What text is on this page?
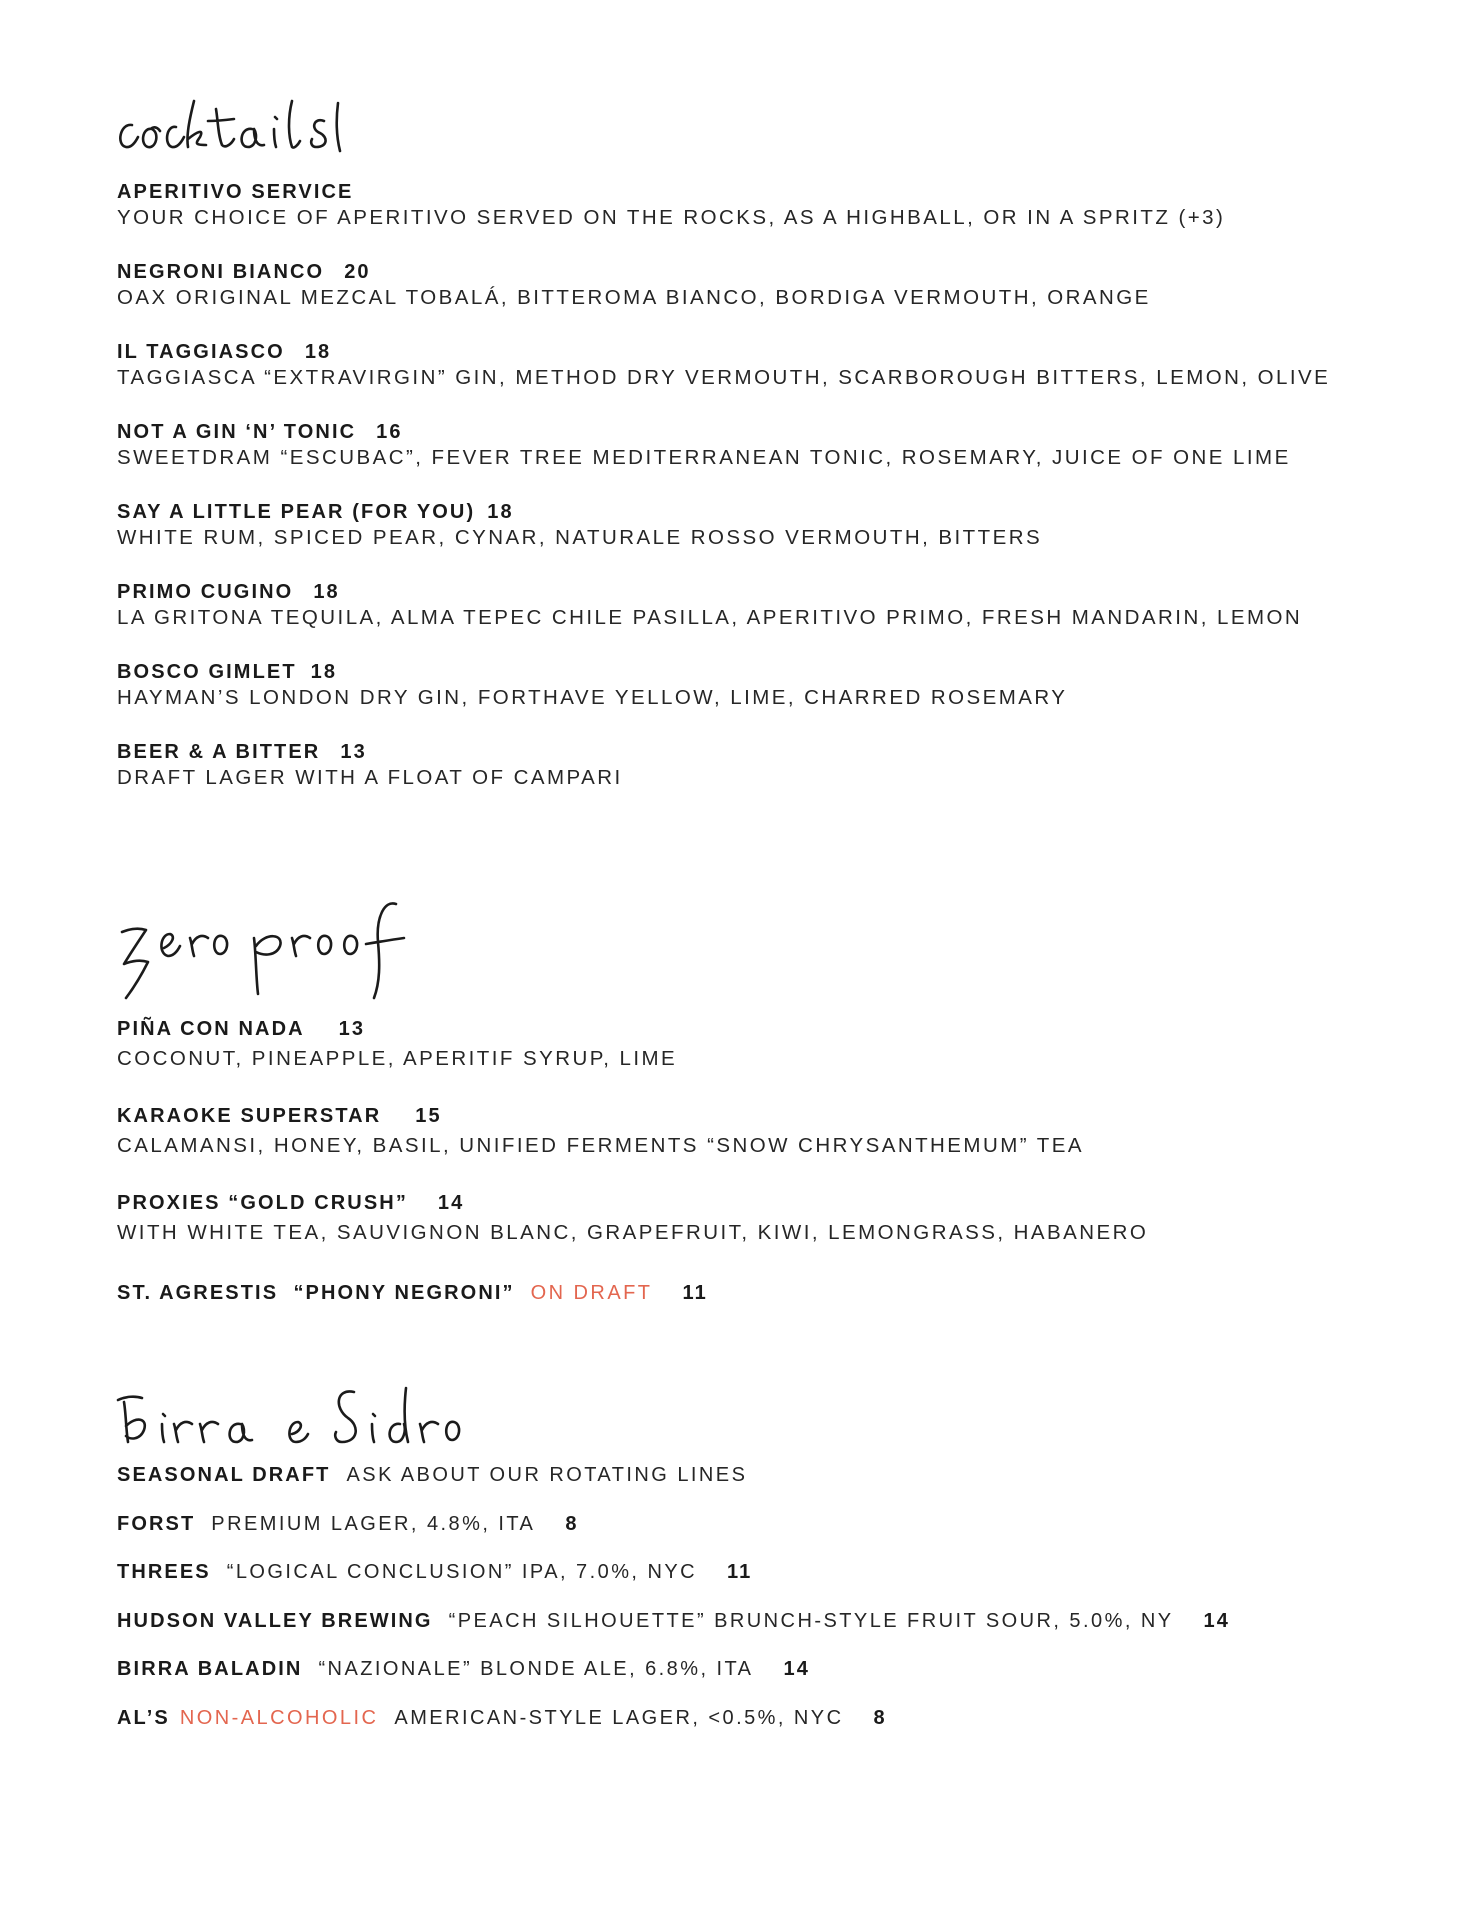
APERITIVO SERVICE
YOUR CHOICE OF APERITIVO SERVED ON THE ROCKS, AS A HIGHBALL, OR IN A SPRITZ (+3)
NEGRONI BIANCO 20
OAX ORIGINAL MEZCAL TOBALÁ, BITTEROMA BIANCO, BORDIGA VERMOUTH, ORANGE
IL TAGGIASCO 18
TAGGIASCA “EXTRAVIRGIN” GIN, METHOD DRY VERMOUTH, SCARBOROUGH BITTERS, LEMON, OLIVE
NOT A GIN ‘N’ TONIC 16
SWEETDRAM “ESCUBAC”, FEVER TREE MEDITERRANEAN TONIC, ROSEMARY, JUICE OF ONE LIME
SAY A LITTLE PEAR (FOR YOU) 18
WHITE RUM, SPICED PEAR, CYNAR, NATURALE ROSSO VERMOUTH, BITTERS
PRIMO CUGINO 18
LA GRITONA TEQUILA, ALMA TEPEC CHILE PASILLA, APERITIVO PRIMO, FRESH MANDARIN, LEMON
BOSCO GIMLET 18
HAYMAN’S LONDON DRY GIN, FORTHAVE YELLOW, LIME, CHARRED ROSEMARY
BEER & A BITTER 13
DRAFT LAGER WITH A FLOAT OF CAMPARI
PIÑA CON NADA 13
COCONUT, PINEAPPLE, APERITIF SYRUP, LIME
KARAOKE SUPERSTAR 15
CALAMANSI, HONEY, BASIL, UNIFIED FERMENTS “SNOW CHRYSANTHEMUM” TEA
PROXIES “GOLD CRUSH” 14
WITH WHITE TEA, SAUVIGNON BLANC, GRAPEFRUIT, KIWI, LEMONGRASS, HABANERO
ST. AGRESTIS  “PHONY NEGRONI” ON DRAFT 11
SEASONAL DRAFT ASK ABOUT OUR ROTATING LINES
FORST PREMIUM LAGER, 4.8%, ITA 8
THREES “LOGICAL CONCLUSION” IPA, 7.0%, NYC 11
HUDSON VALLEY BREWING “PEACH SILHOUETTE” BRUNCH-STYLE FRUIT SOUR, 5.0%, NY 14
BIRRA BALADIN “NAZIONALE” BLONDE ALE, 6.8%, ITA 14
AL’S NON-ALCOHOLIC AMERICAN-STYLE LAGER, <0.5%, NYC 8
